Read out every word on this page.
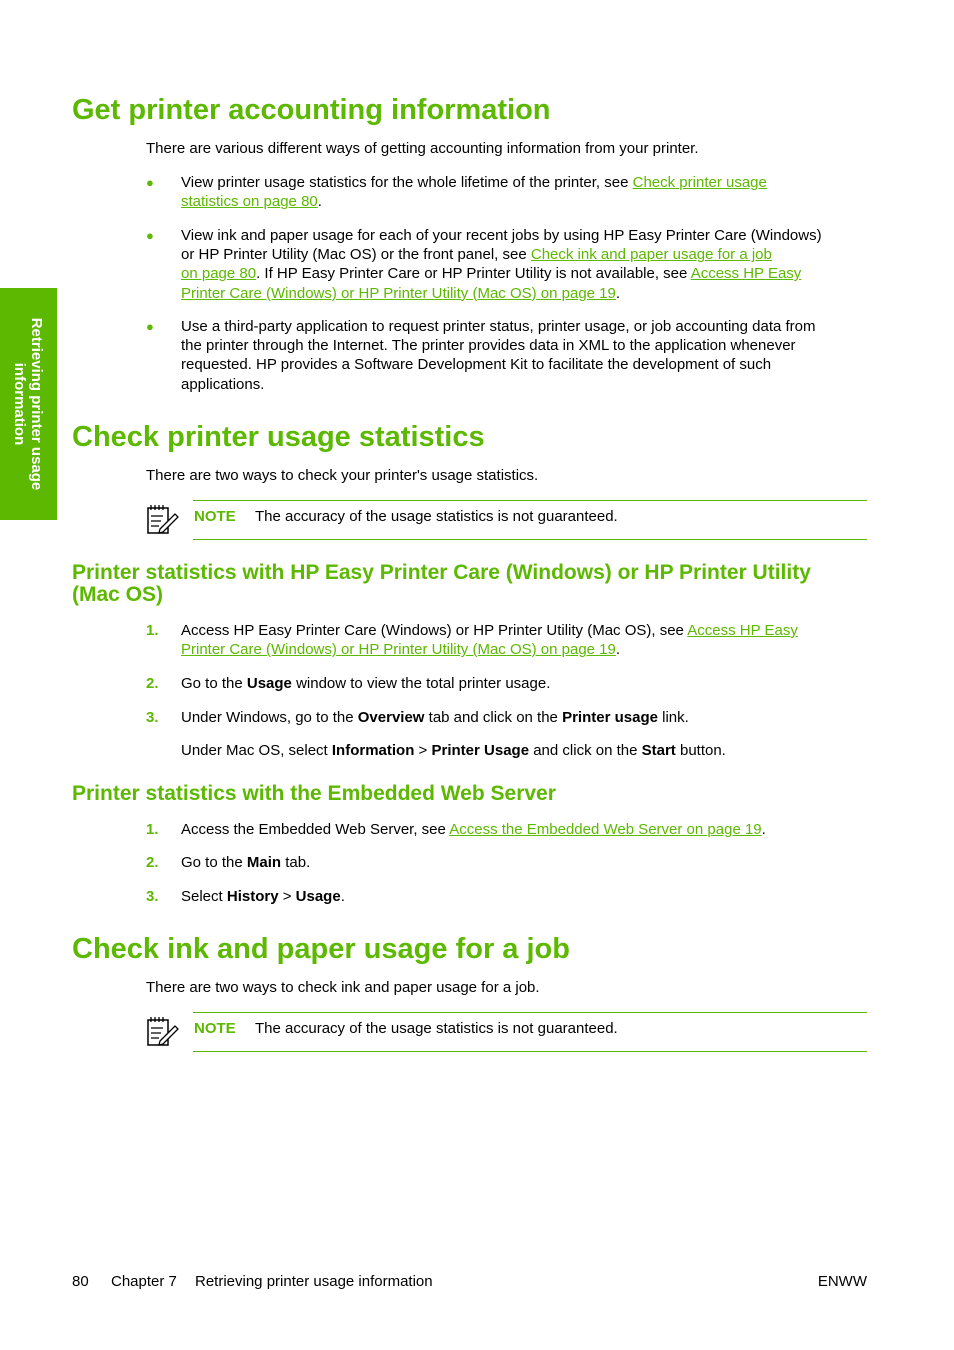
Retrieving printer usage
information
Get printer accounting information

There are various different ways of getting accounting information from your printer.

● View printer usage statistics for the whole lifetime of the printer, see Check printer usage
statistics on page 80.

● View ink and paper usage for each of your recent jobs by using HP Easy Printer Care (Windows)
or HP Printer Utility (Mac OS) or the front panel, see Check ink and paper usage for a job
on page 80. If HP Easy Printer Care or HP Printer Utility is not available, see Access HP Easy
Printer Care (Windows) or HP Printer Utility (Mac OS) on page 19.

● Use a third-party application to request printer status, printer usage, or job accounting data from
the printer through the Internet. The printer provides data in XML to the application whenever
requested. HP provides a Software Development Kit to facilitate the development of such
applications.

Check printer usage statistics

There are two ways to check your printer's usage statistics.

NOTE The accuracy of the usage statistics is not guaranteed.
Printer statistics with HP Easy Printer Care (Windows) or HP Printer Utility
(Mac OS)
1. Access HP Easy Printer Care (Windows) or HP Printer Utility (Mac OS), see Access HP Easy
Printer Care (Windows) or HP Printer Utility (Mac OS) on page 19.

2. Go to the Usage window to view the total printer usage.

3. Under Windows, go to the Overview tab and click on the Printer usage link.

Under Mac OS, select Information > Printer Usage and click on the Start button.

Printer statistics with the Embedded Web Server
1. Access the Embedded Web Server, see Access the Embedded Web Server on page 19.

2. Go to the Main tab.

3. Select History > Usage.

Check ink and paper usage for a job

There are two ways to check ink and paper usage for a job.

NOTE The accuracy of the usage statistics is not guaranteed.
80 Chapter 7 Retrieving printer usage information	ENWW
